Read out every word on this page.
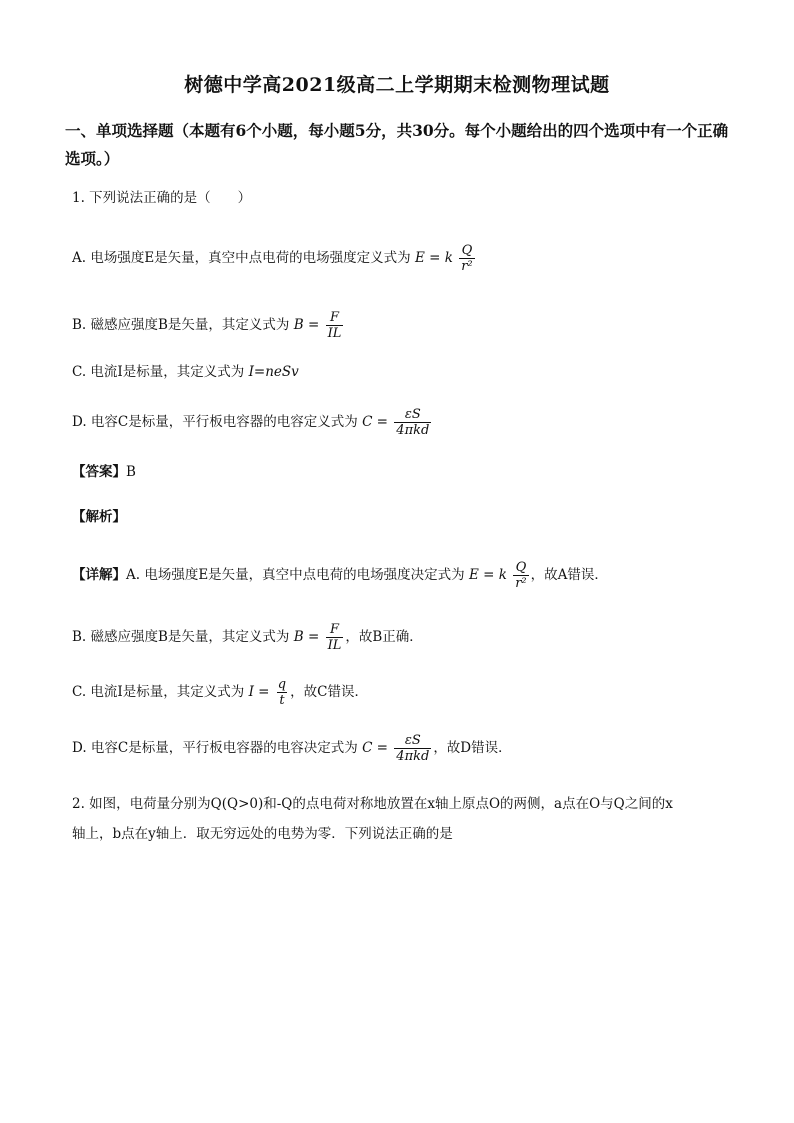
树德中学高2021级高二上学期期末检测物理试题
一、单项选择题（本题有6个小题，每小题5分，共30分。每个小题给出的四个选项中有一个正确选项。）
1. 下列说法正确的是（　　）
A. 电场强度E是矢量，真空中点电荷的电场强度定义式为 E = k $\frac{Q}{\text{r²}}$
B. 磁感应强度B是矢量，其定义式为 $B = \frac{F}{IL}$
C. 电流I是标量，其定义式为 I=neSv
D. 电容C是标量，平行板电容器的电容定义式为 $C = \frac{\varepsilon S}{\text{4πkd}}$
【答案】B
【解析】
【详解】A. 电场强度E是矢量，真空中点电荷的电场强度决定式为 E = k $\frac{Q}{\text{r²}}$ ，故A错误．
B. 磁感应强度B是矢量，其定义式为 $B = \frac{F}{IL}$ ，故B正确．
C. 电流I是标量，其定义式为 $I = \frac{q}{t}$ ，故C错误．
D. 电容C是标量，平行板电容器的电容决定式为 $C = \frac{\varepsilon S}{\text{4πkd}}$ ，故D错误．
2. 如图，电荷量分别为Q(Q>0)和-Q的点电荷对称地放置在x轴上原点O的两侧，a点在O与Q之间的x
轴上，b点在y轴上．取无穷远处的电势为零．下列说法正确的是
